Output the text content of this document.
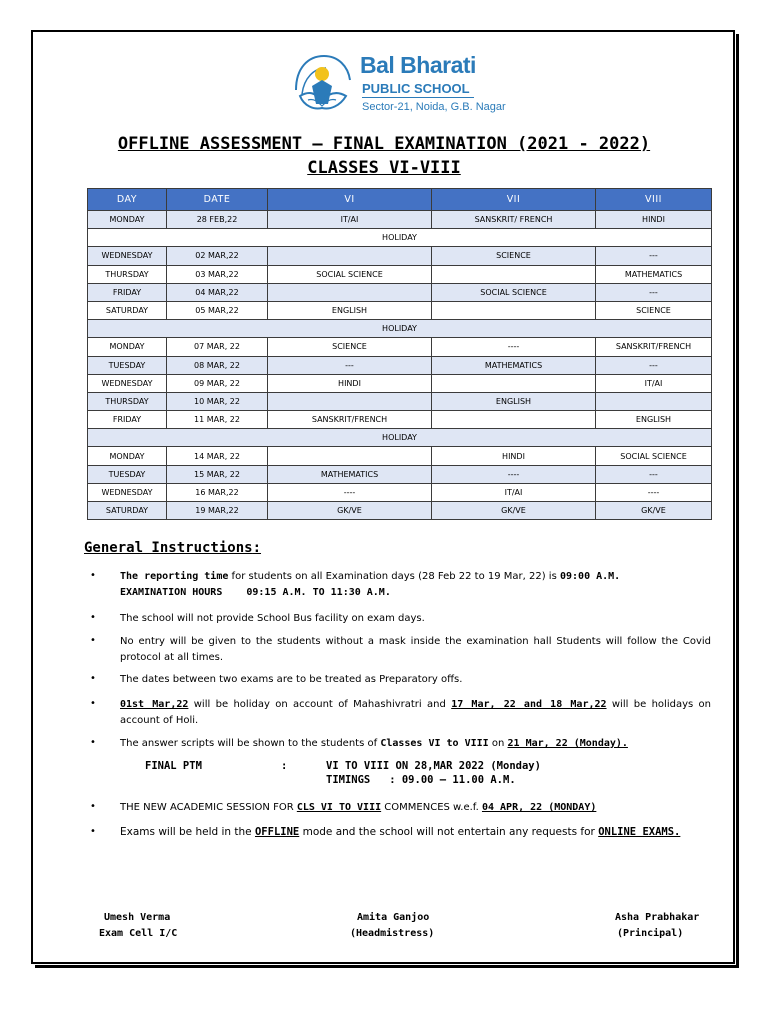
Bal Bharati
PUBLIC SCHOOL
Sector-21, Noida, G.B. Nagar
OFFLINE ASSESSMENT – FINAL EXAMINATION (2021 - 2022)
CLASSES VI-VIII
DAY	DATE	VI	VII	VIII
MONDAY	28 FEB,22	IT/AI	SANSKRIT/ FRENCH	HINDI
HOLIDAY				
WEDNESDAY	02 MAR,22		SCIENCE	---
THURSDAY	03 MAR,22	SOCIAL SCIENCE		MATHEMATICS
FRIDAY	04 MAR,22		SOCIAL SCIENCE	---
SATURDAY	05 MAR,22	ENGLISH		SCIENCE
HOLIDAY				
MONDAY	07 MAR, 22	SCIENCE	----	SANSKRIT/FRENCH
TUESDAY	08 MAR, 22	---	MATHEMATICS	---
WEDNESDAY	09 MAR, 22	HINDI		IT/AI
THURSDAY	10 MAR, 22		ENGLISH	
FRIDAY	11 MAR, 22	SANSKRIT/FRENCH		ENGLISH
HOLIDAY				
MONDAY	14 MAR, 22		HINDI	SOCIAL SCIENCE
TUESDAY	15 MAR, 22	MATHEMATICS	----	---
WEDNESDAY	16 MAR,22	----	IT/AI	----
SATURDAY	19 MAR,22	GK/VE	GK/VE	GK/VE
General Instructions:
• The reporting time for students on all Examination days (28 Feb 22 to 19 Mar, 22) is 09:00 A.M.
EXAMINATION HOURS 09:15 A.M. TO 11:30 A.M.
• The school will not provide School Bus facility on exam days.
• No entry will be given to the students without a mask inside the examination hall Students will follow the Covid protocol at all times.
• The dates between two exams are to be treated as Preparatory offs.
• 01st Mar,22 will be holiday on account of Mahashivratri and 17 Mar, 22 and 18 Mar,22 will be holidays on account of Holi.
• The answer scripts will be shown to the students of Classes VI to VIII on 21 Mar, 22 (Monday).
FINAL PTM	:	VI TO VIII ON 28,MAR 2022 (Monday)
TIMINGS   : 09.00 – 11.00 A.M.
• THE NEW ACADEMIC SESSION FOR CLS VI TO VIII COMMENCES w.e.f. 04 APR, 22 (MONDAY)
• Exams will be held in the OFFLINE mode and the school will not entertain any requests for ONLINE EXAMS.
Umesh Verma
Exam Cell I/C
Amita Ganjoo
(Headmistress)
Asha Prabhakar
(Principal)
